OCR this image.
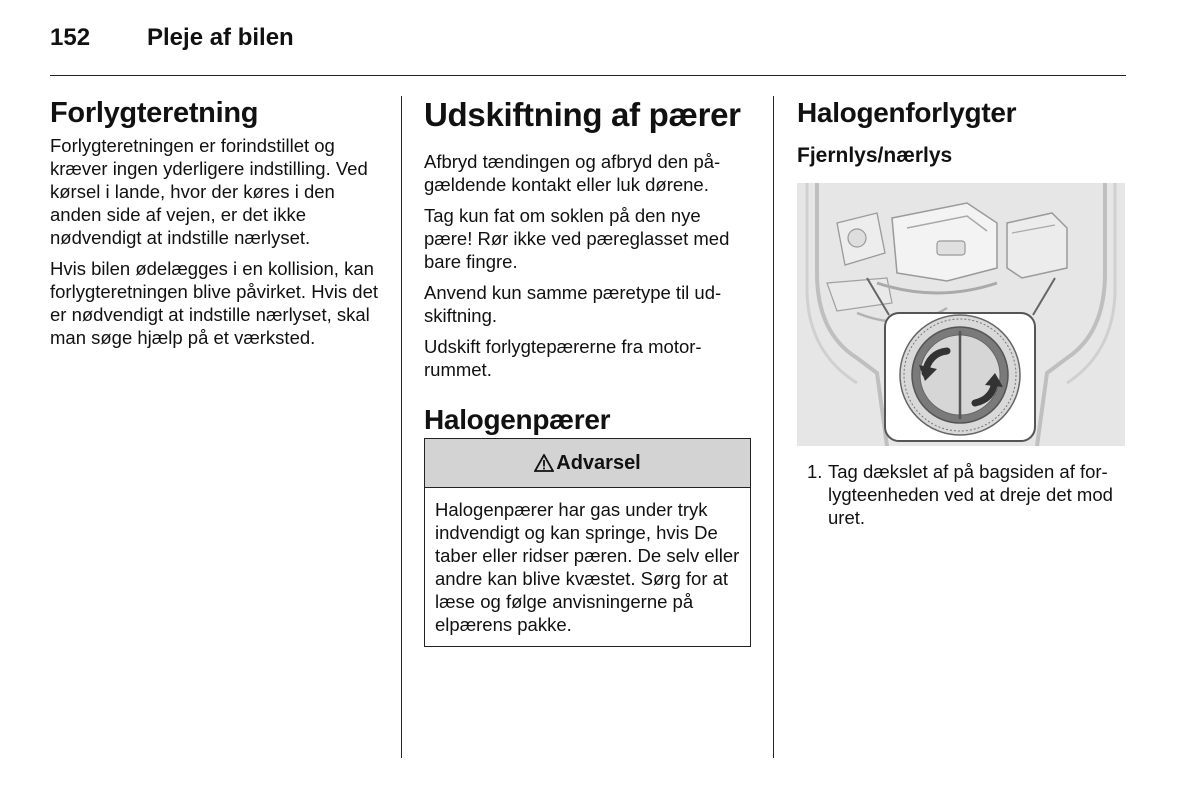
152 Pleje af bilen
Forlygteretning

Forlygteretningen er forindstillet og kræver ingen yderligere indstilling. Ved kørsel i lande, hvor der køres i den anden side af vejen, er det ikke nødvendigt at indstille nærlyset.

Hvis bilen ødelægges i en kollision, kan forlygteretningen blive påvirket. Hvis det er nødvendigt at indstille nærlyset, skal man søge hjælp på et værksted.

Udskiftning af pærer

Afbryd tændingen og afbryd den på- gældende kontakt eller luk dørene.

Tag kun fat om soklen på den nye pære! Rør ikke ved pæreglasset med bare fingre.

Anvend kun samme pæretype til ud- skiftning.

Udskift forlygtepærerne fra motor- rummet.

Halogenpærer
Advarsel
Halogenpærer har gas under tryk indvendigt og kan springe, hvis De taber eller ridser pæren. De selv eller andre kan blive kvæstet. Sørg for at læse og følge anvisningerne på elpærens pakke.
Halogenforlygter
Fjernlys/nærlys
1. Tag dækslet af på bagsiden af for- lygteenheden ved at dreje det mod uret.
